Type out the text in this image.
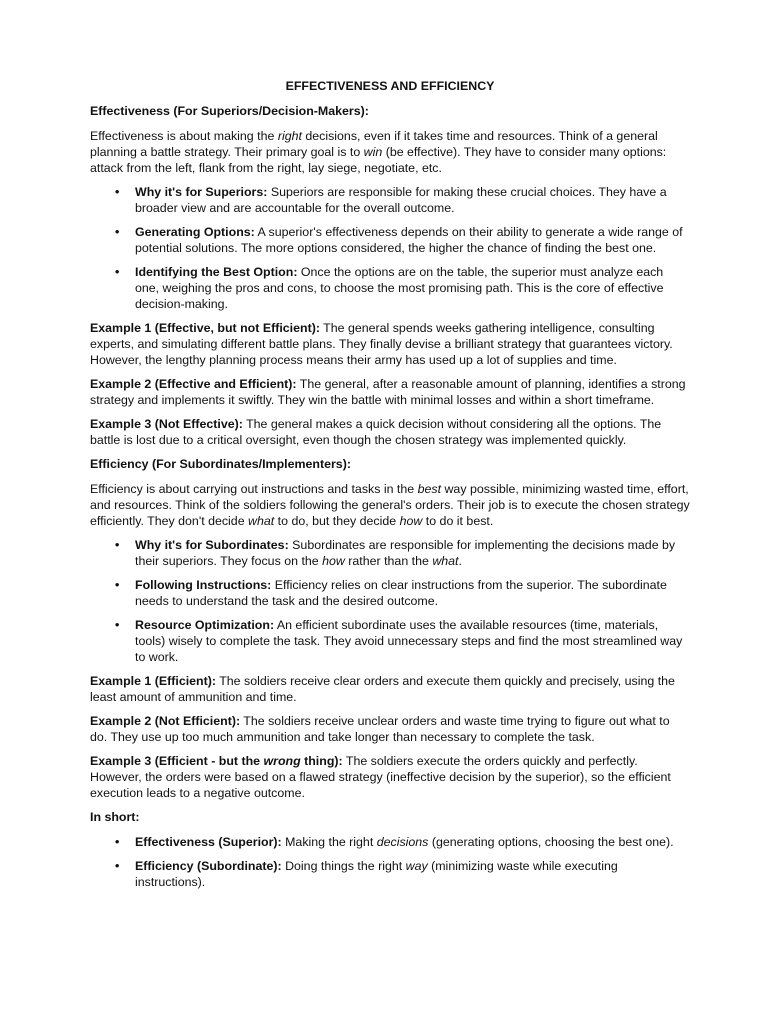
EFFECTIVENESS AND EFFICIENCY
Effectiveness (For Superiors/Decision-Makers):

Effectiveness is about making the right decisions, even if it takes time and resources. Think of a general planning a battle strategy. Their primary goal is to win (be effective). They have to consider many options: attack from the left, flank from the right, lay siege, negotiate, etc.

• Why it's for Superiors: Superiors are responsible for making these crucial choices. They have a broader view and are accountable for the overall outcome.
• Generating Options: A superior's effectiveness depends on their ability to generate a wide range of potential solutions. The more options considered, the higher the chance of finding the best one.
• Identifying the Best Option: Once the options are on the table, the superior must analyze each one, weighing the pros and cons, to choose the most promising path. This is the core of effective decision-making.

Example 1 (Effective, but not Efficient): The general spends weeks gathering intelligence, consulting experts, and simulating different battle plans. They finally devise a brilliant strategy that guarantees victory. However, the lengthy planning process means their army has used up a lot of supplies and time.

Example 2 (Effective and Efficient): The general, after a reasonable amount of planning, identifies a strong strategy and implements it swiftly. They win the battle with minimal losses and within a short timeframe.

Example 3 (Not Effective): The general makes a quick decision without considering all the options. The battle is lost due to a critical oversight, even though the chosen strategy was implemented quickly.

Efficiency (For Subordinates/Implementers):

Efficiency is about carrying out instructions and tasks in the best way possible, minimizing wasted time, effort, and resources. Think of the soldiers following the general's orders. Their job is to execute the chosen strategy efficiently. They don't decide what to do, but they decide how to do it best.

• Why it's for Subordinates: Subordinates are responsible for implementing the decisions made by their superiors. They focus on the how rather than the what.
• Following Instructions: Efficiency relies on clear instructions from the superior. The subordinate needs to understand the task and the desired outcome.
• Resource Optimization: An efficient subordinate uses the available resources (time, materials, tools) wisely to complete the task. They avoid unnecessary steps and find the most streamlined way to work.

Example 1 (Efficient): The soldiers receive clear orders and execute them quickly and precisely, using the least amount of ammunition and time.

Example 2 (Not Efficient): The soldiers receive unclear orders and waste time trying to figure out what to do. They use up too much ammunition and take longer than necessary to complete the task.

Example 3 (Efficient - but the wrong thing): The soldiers execute the orders quickly and perfectly. However, the orders were based on a flawed strategy (ineffective decision by the superior), so the efficient execution leads to a negative outcome.

In short:
• Effectiveness (Superior): Making the right decisions (generating options, choosing the best one).
• Efficiency (Subordinate): Doing things the right way (minimizing waste while executing instructions).
